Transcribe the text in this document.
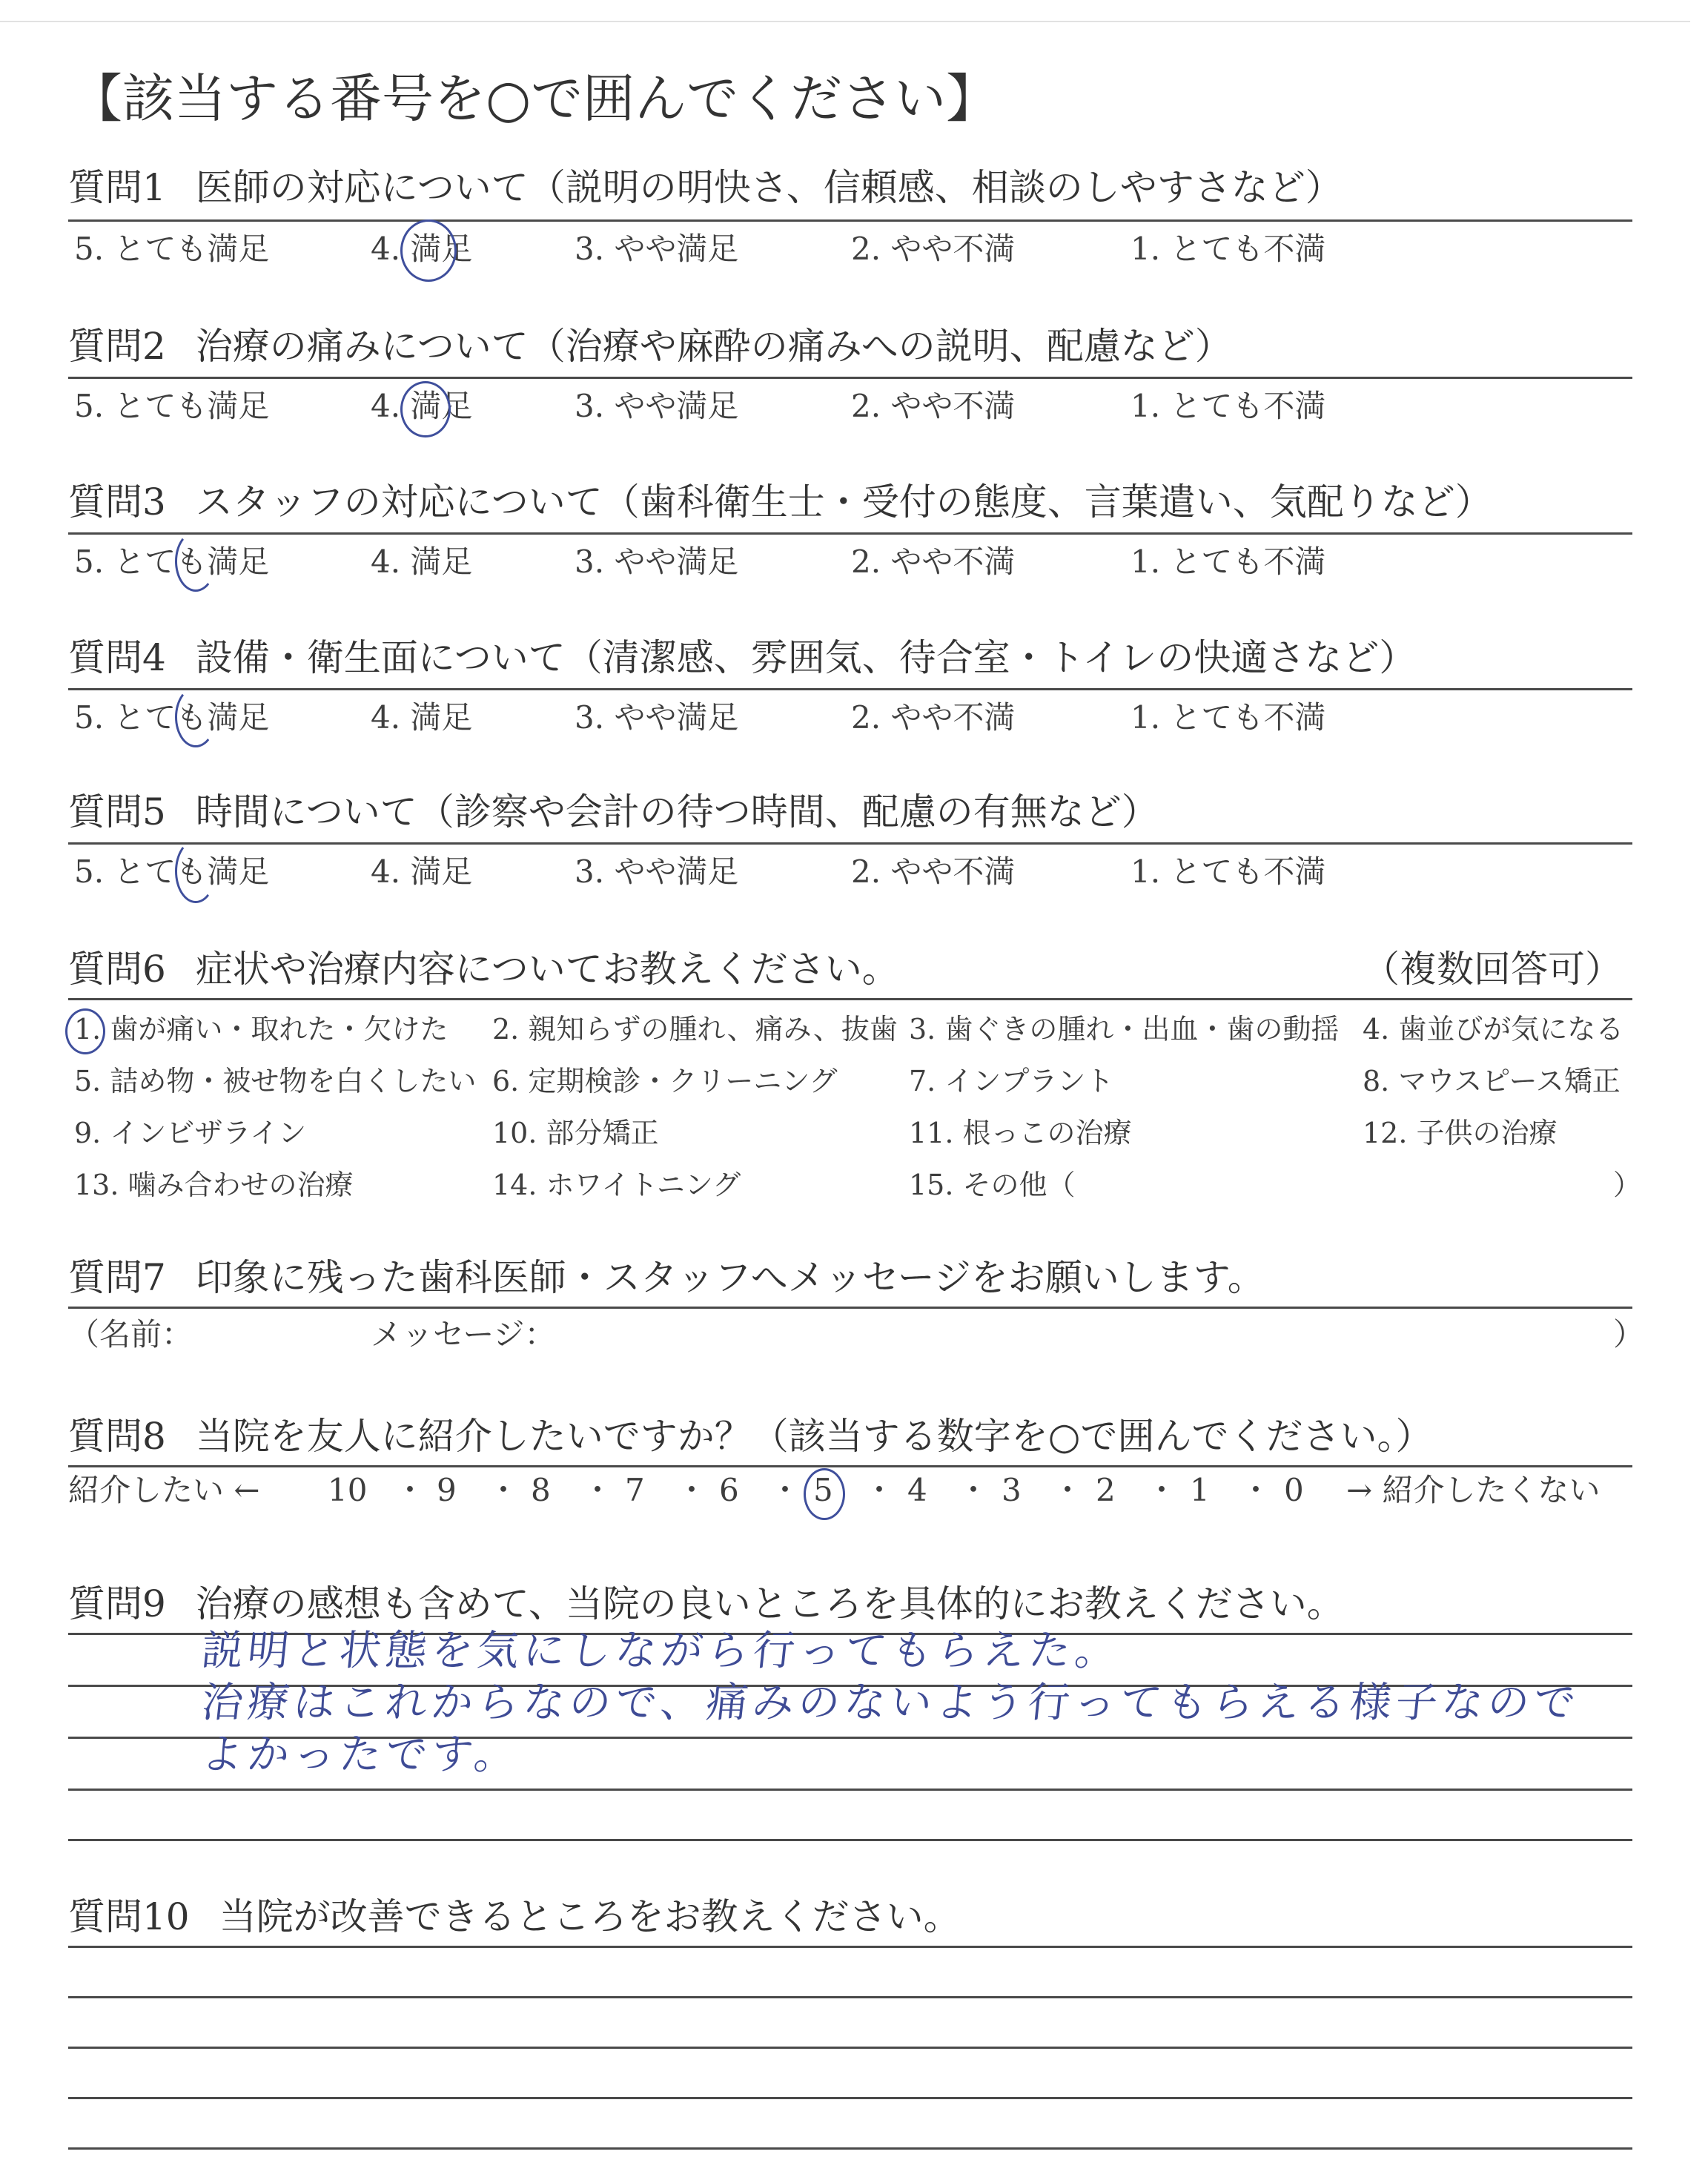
【該当する番号を○で囲んでください】
質問1 医師の対応について（説明の明快さ、信頼感、相談のしやすさなど）
5. とても満足	4. 満足	3. やや満足	2. やや不満	1. とても不満
質問2 治療の痛みについて（治療や麻酔の痛みへの説明、配慮など）
5. とても満足	4. 満足	3. やや満足	2. やや不満	1. とても不満
質問3 スタッフの対応について（歯科衛生士・受付の態度、言葉遣い、気配りなど）
5. とても満足	4. 満足	3. やや満足	2. やや不満	1. とても不満
質問4 設備・衛生面について（清潔感、雰囲気、待合室・トイレの快適さなど）
5. とても満足	4. 満足	3. やや満足	2. やや不満	1. とても不満
質問5 時間について（診察や会計の待つ時間、配慮の有無など）
5. とても満足	4. 満足	3. やや満足	2. やや不満	1. とても不満
質問6 症状や治療内容についてお教えください。	（複数回答可）
1. 歯が痛い・取れた・欠けた 2. 親知らずの腫れ、痛み、抜歯 3. 歯ぐきの腫れ・出血・歯の動揺 4. 歯並びが気になる
5. 詰め物・被せ物を白くしたい 6. 定期検診・クリーニング	7. インプラント	8. マウスピース矯正
9. インビザライン	10. 部分矯正	11. 根っこの治療	12. 子供の治療
13. 噛み合わせの治療	14. ホワイトニング	15. その他（	）
質問7 印象に残った歯科医師・スタッフへメッセージをお願いします。
（名前：	メッセージ：	）
質問8 当院を友人に紹介したいですか？（該当する数字を○で囲んでください。）
紹介したい ← 10 ・ 9 ・ 8 ・ 7 ・ 6 ・ 5 ・ 4 ・ 3 ・ 2 ・ 1 ・ 0 → 紹介したくない
質問9 治療の感想も含めて、当院の良いところを具体的にお教えください。
説明と状態を気にしながら行ってもらえた。
治療はこれからなので、痛みのないよう行ってもらえる様子なので
よかったです。
質問10 当院が改善できるところをお教えください。
